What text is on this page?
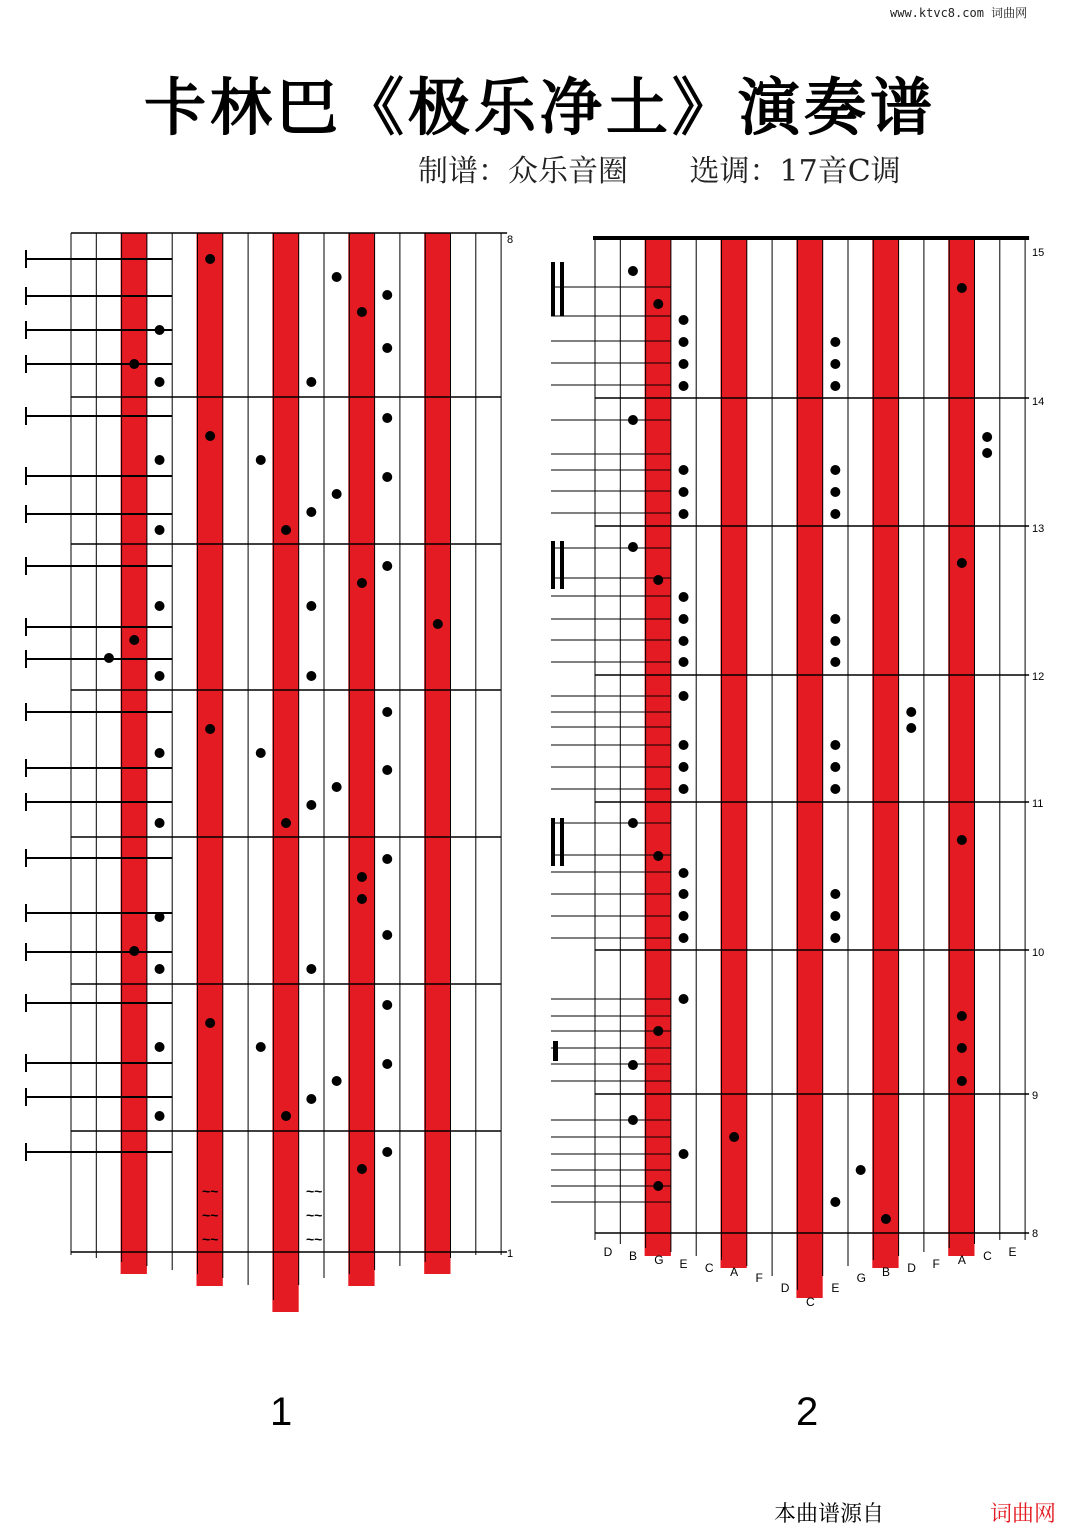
www.ktvc8.com 词曲网
卡林巴《极乐净土》演奏谱
制谱：众乐音圈 选调：17音C调
8
1
~~
~~
~~
~~
~~
~~
15
14
13
12
11
10
9
8
D B G E C A F
D
C
E
G B D F A C E
1	2
本曲谱源自	词曲网
